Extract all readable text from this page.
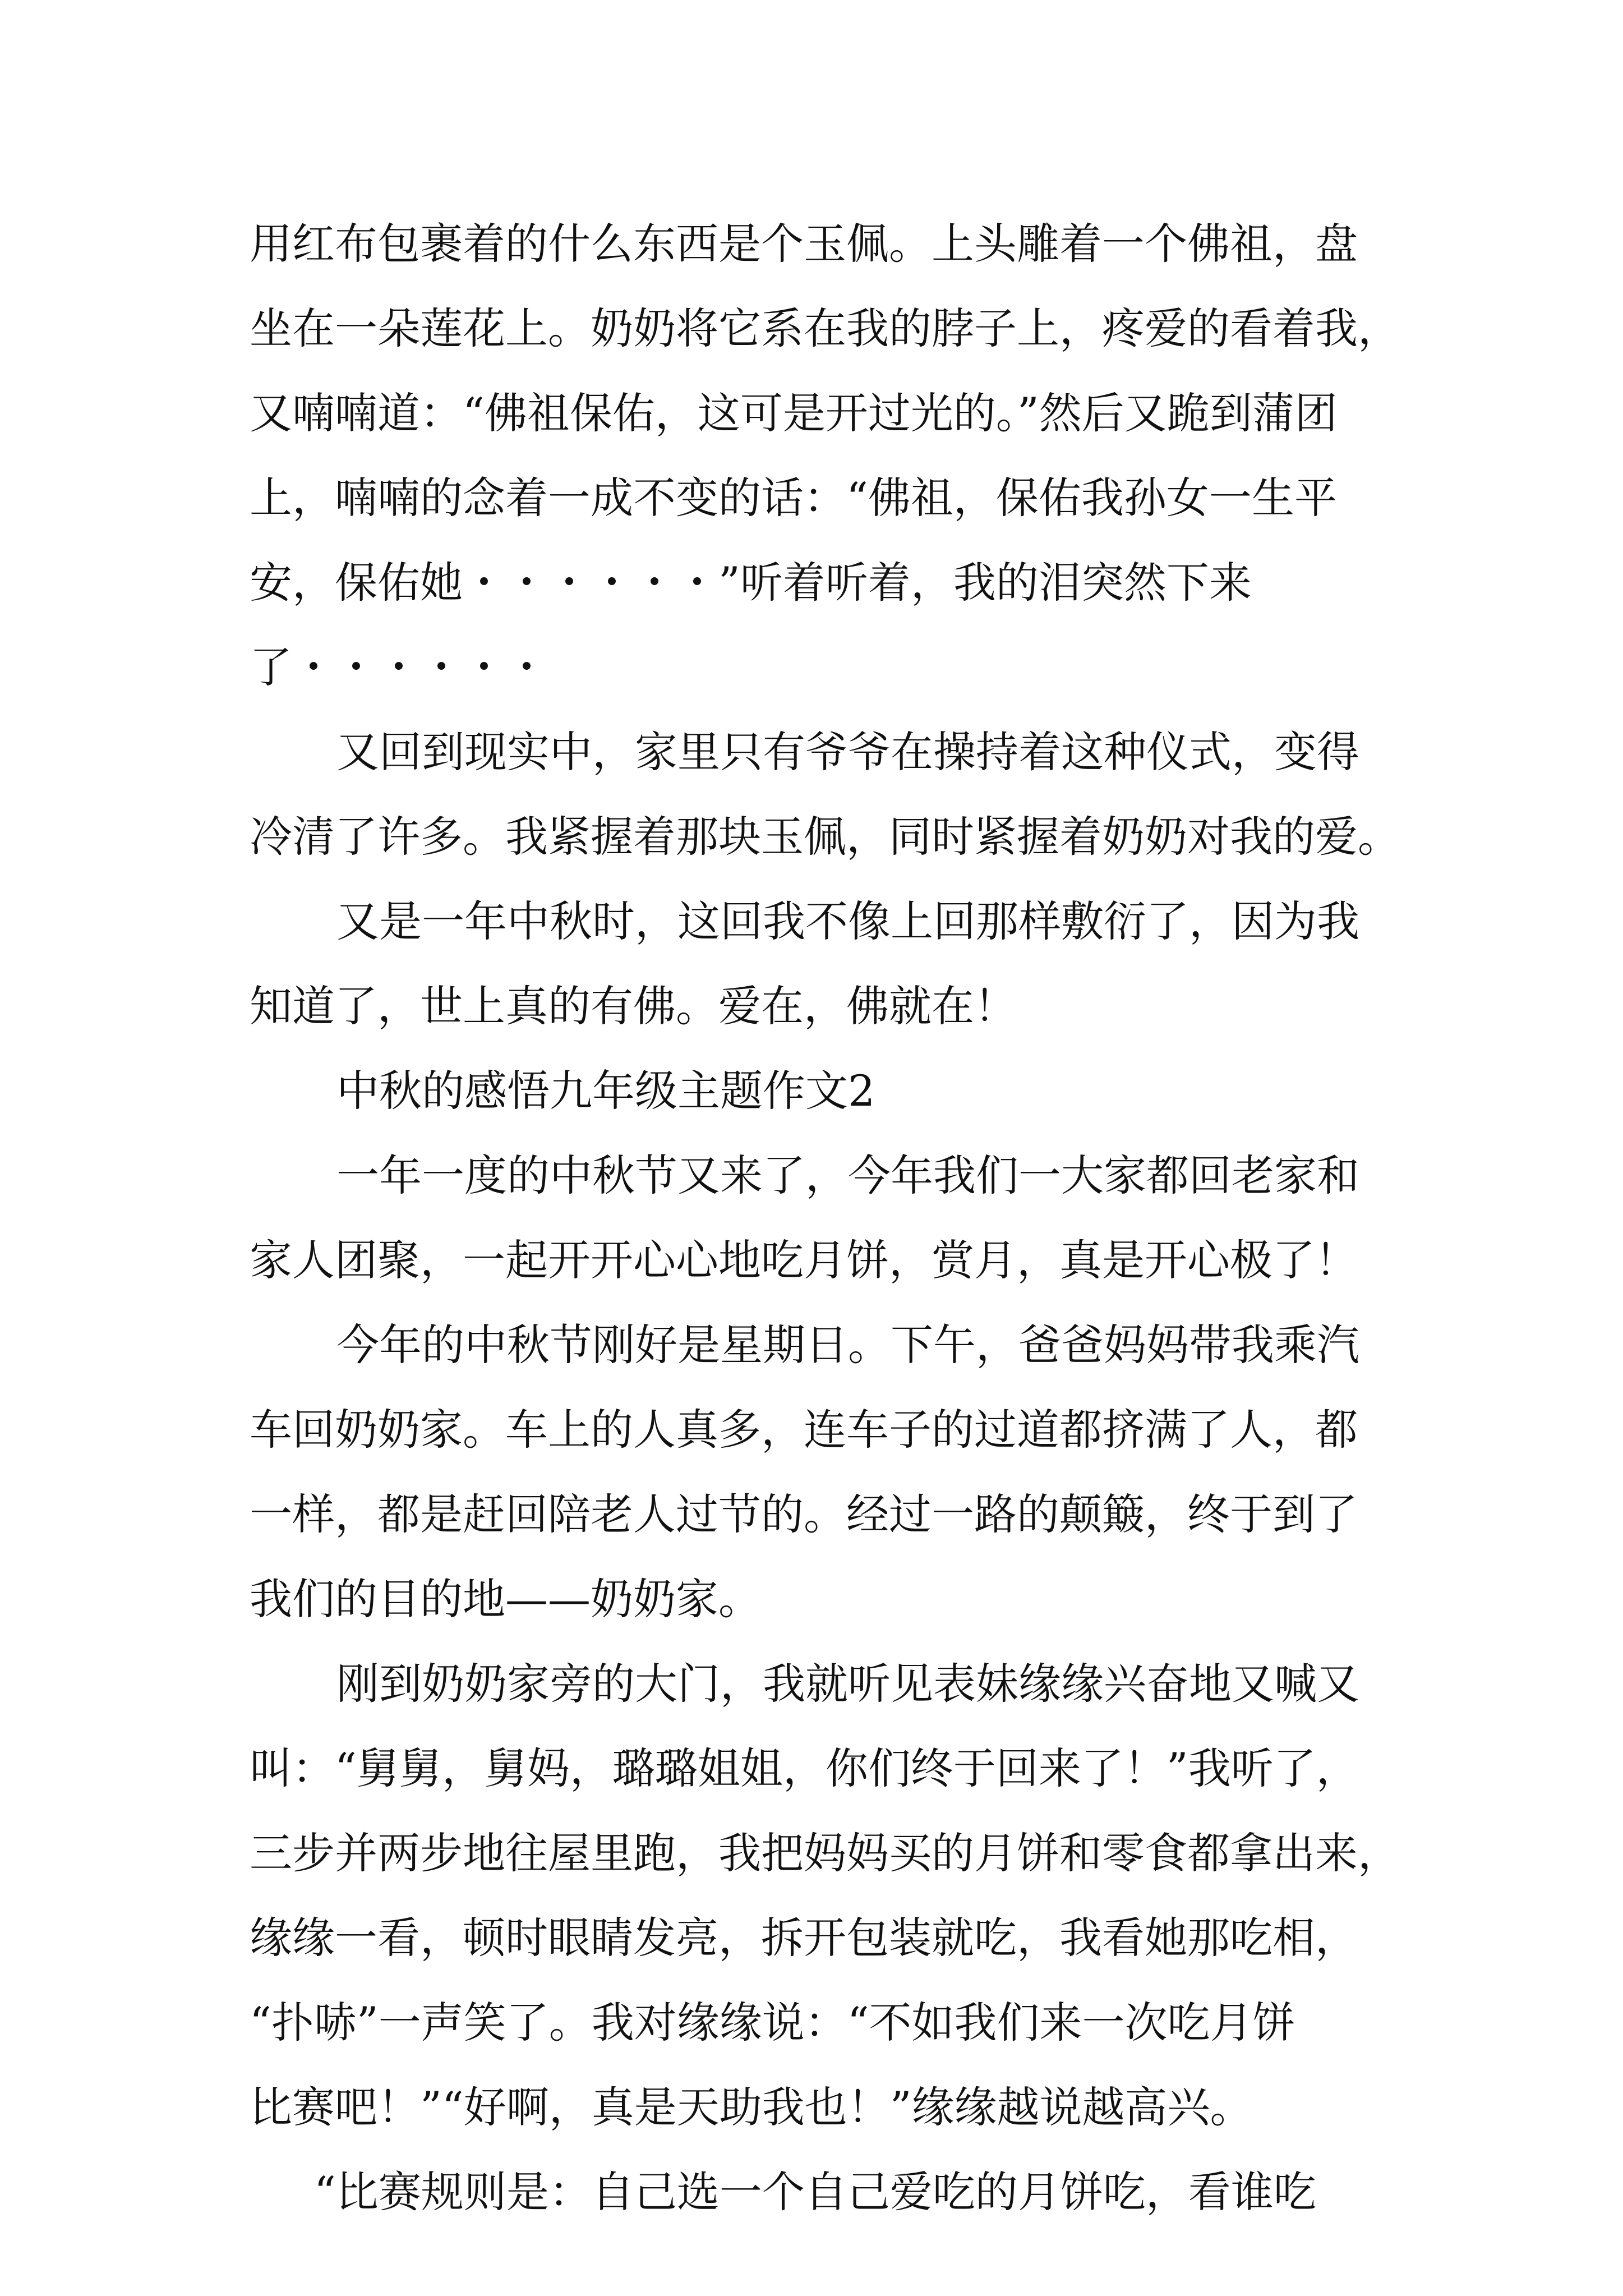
用红布包裹着的什么东西是个玉佩。上头雕着一个佛祖，盘
坐在一朵莲花上。奶奶将它系在我的脖子上，疼爱的看着我，
又喃喃道：“佛祖保佑，这可是开过光的。”然后又跪到蒲团
上，喃喃的念着一成不变的话：“佛祖，保佑我孙女一生平
安，保佑她・・・・・・”听着听着，我的泪突然下来
了・・・・・・
又回到现实中，家里只有爷爷在操持着这种仪式，变得
冷清了许多。我紧握着那块玉佩，同时紧握着奶奶对我的爱。
又是一年中秋时，这回我不像上回那样敷衍了，因为我
知道了，世上真的有佛。爱在，佛就在！
中秋的感悟九年级主题作文2
一年一度的中秋节又来了，今年我们一大家都回老家和
家人团聚，一起开开心心地吃月饼，赏月，真是开心极了！
今年的中秋节刚好是星期日。下午，爸爸妈妈带我乘汽
车回奶奶家。车上的人真多，连车子的过道都挤满了人，都
一样，都是赶回陪老人过节的。经过一路的颠簸，终于到了
我们的目的地——奶奶家。
刚到奶奶家旁的大门，我就听见表妹缘缘兴奋地又喊又
叫：“舅舅，舅妈，璐璐姐姐，你们终于回来了！”我听了，
三步并两步地往屋里跑，我把妈妈买的月饼和零食都拿出来，
缘缘一看，顿时眼睛发亮，拆开包装就吃，我看她那吃相，
“扑哧”一声笑了。我对缘缘说：“不如我们来一次吃月饼
比赛吧！”“好啊，真是天助我也！”缘缘越说越高兴。
“比赛规则是：自己选一个自己爱吃的月饼吃，看谁吃
